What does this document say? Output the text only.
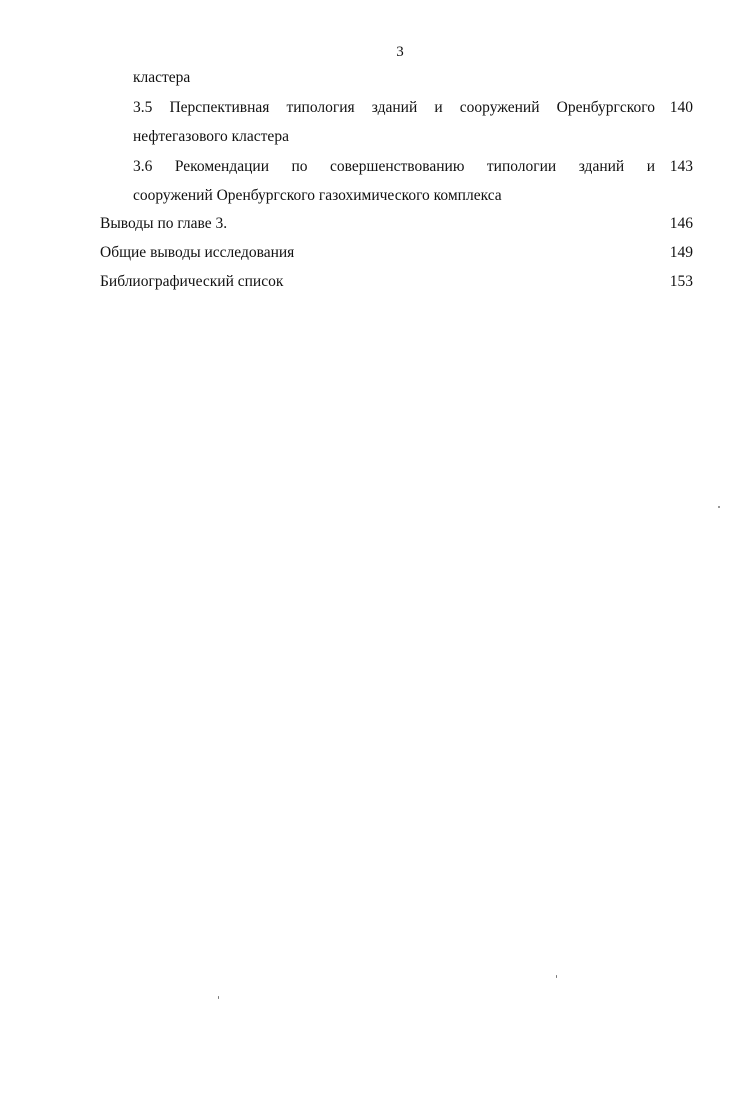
3
кластера
3.5 Перспективная типология зданий и сооружений Оренбургского 140
нефтегазового кластера
3.6 Рекомендации по совершенствованию типологии зданий и 143
сооружений Оренбургского газохимического комплекса
Выводы по главе 3.	146
Общие выводы исследования	149
Библиографический список	153
